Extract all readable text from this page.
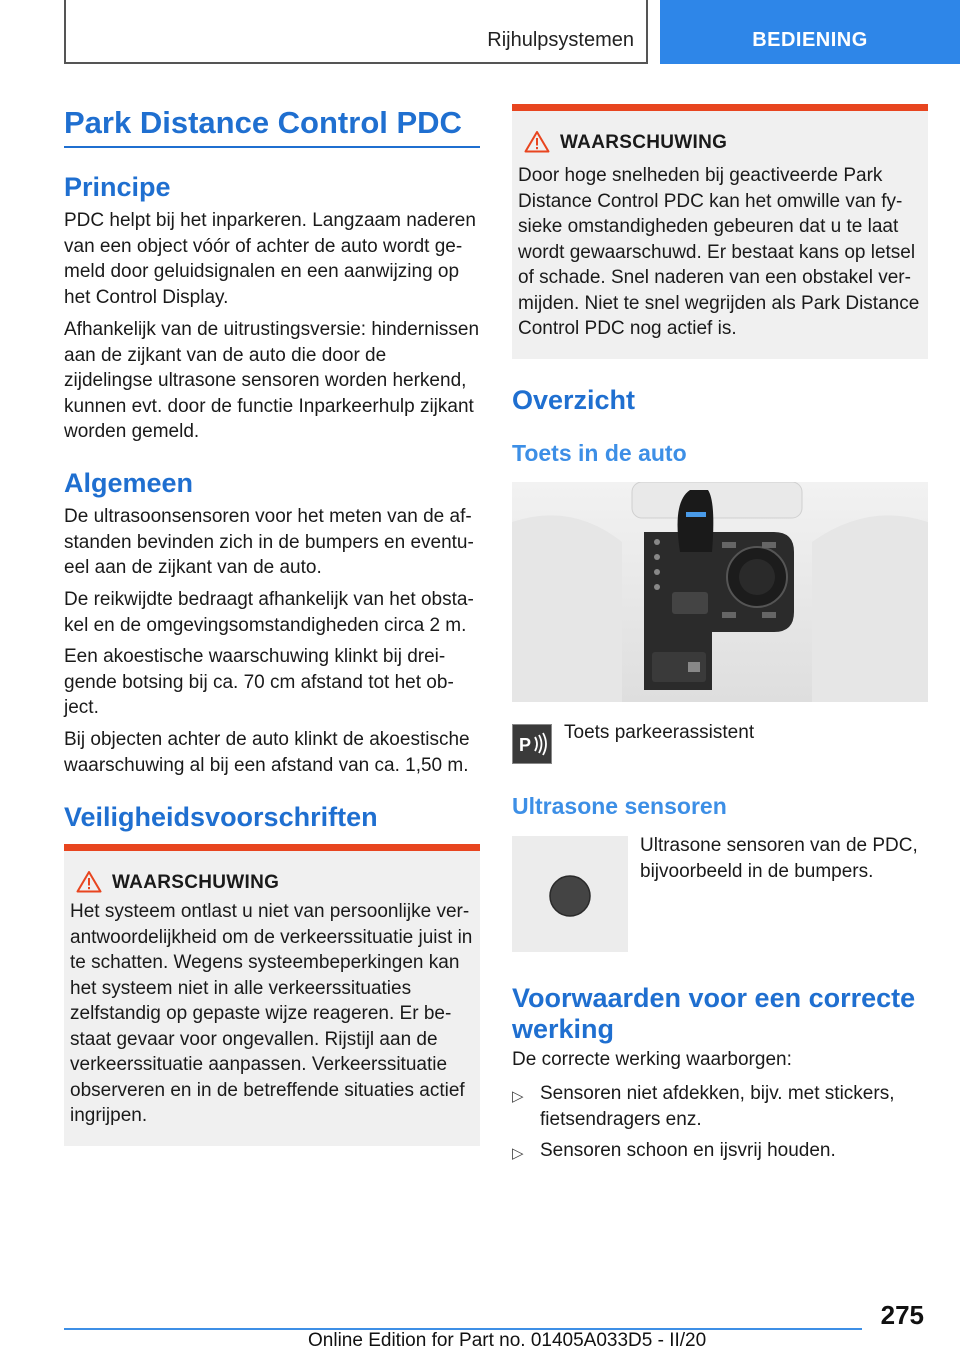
Rijhulpsystemen	BEDIENING
Park Distance Control PDC
Principe
PDC helpt bij het inparkeren. Langzaam naderen van een object vóór of achter de auto wordt gemeld door geluidsignalen en een aanwijzing op het Control Display.
Afhankelijk van de uitrustingsversie: hindernissen aan de zijkant van de auto die door de zijdelingse ultrasone sensoren worden herkend, kunnen evt. door de functie Inparkeerhulp zijkant worden gemeld.
Algemeen
De ultrasoonsensoren voor het meten van de afstanden bevinden zich in de bumpers en eventueel aan de zijkant van de auto.
De reikwijdte bedraagt afhankelijk van het obstakel en de omgevingsomstandigheden circa 2 m.
Een akoestische waarschuwing klinkt bij dreigende botsing bij ca. 70 cm afstand tot het object.
Bij objecten achter de auto klinkt de akoestische waarschuwing al bij een afstand van ca. 1,50 m.
Veiligheidsvoorschriften
WAARSCHUWING
Het systeem ontlast u niet van persoonlijke verantwoordelijkheid om de verkeerssituatie juist in te schatten. Wegens systeembeperkingen kan het systeem niet in alle verkeerssituaties zelfstandig op gepaste wijze reageren. Er bestaat gevaar voor ongevallen. Rijstijl aan de verkeerssituatie aanpassen. Verkeerssituatie observeren en in de betreffende situaties actief ingrijpen.
WAARSCHUWING
Door hoge snelheden bij geactiveerde Park Distance Control PDC kan het omwille van fysieke omstandigheden gebeuren dat u te laat wordt gewaarschuwd. Er bestaat kans op letsel of schade. Snel naderen van een obstakel vermijden. Niet te snel wegrijden als Park Distance Control PDC nog actief is.
Overzicht
Toets in de auto
P
Toets parkeerassistent
Ultrasone sensoren
Ultrasone sensoren van de PDC, bijvoorbeeld in de bumpers.
Voorwaarden voor een correcte werking
De correcte werking waarborgen:
▷ Sensoren niet afdekken, bijv. met stickers, fietsendragers enz.
▷ Sensoren schoon en ijsvrij houden.
275
Online Edition for Part no. 01405A033D5 - II/20
